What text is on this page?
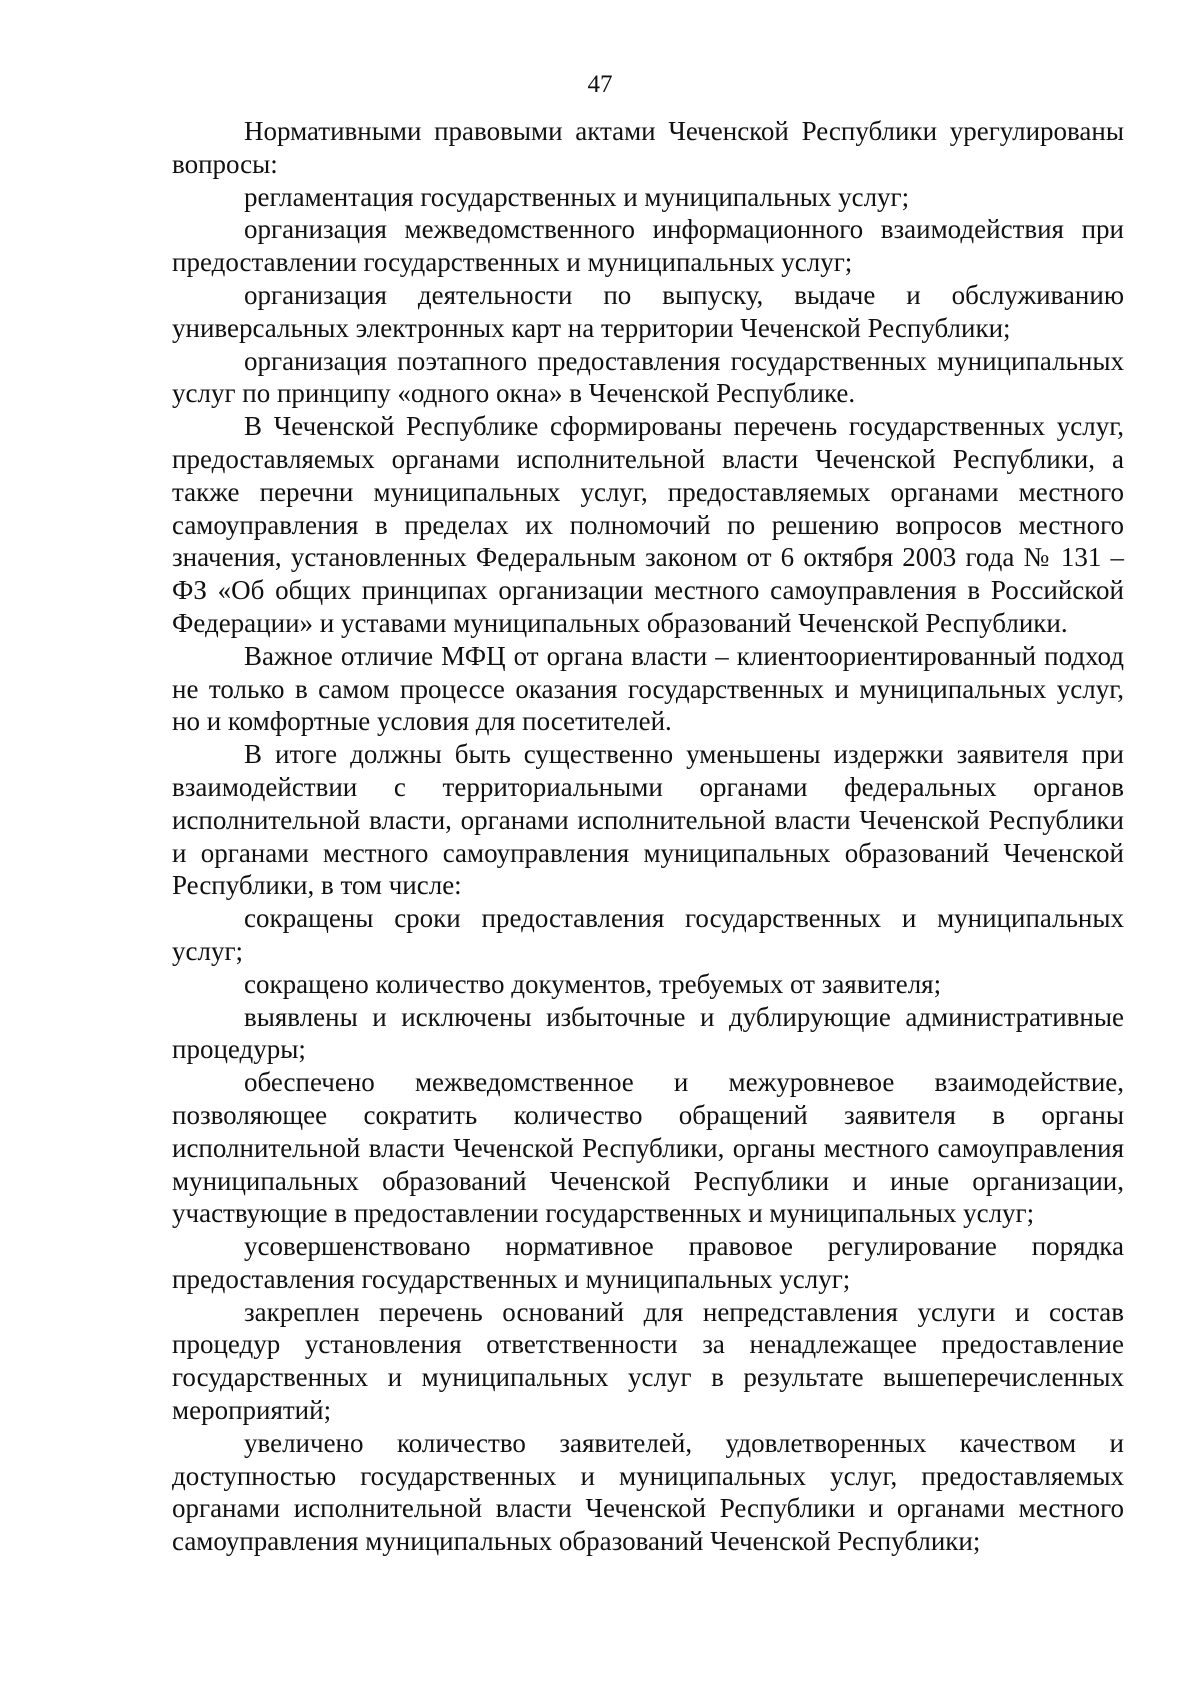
47

Нормативными правовыми актами Чеченской Республики урегулированы вопросы:

регламентация государственных и муниципальных услуг;

организация межведомственного информационного взаимодействия при предоставлении государственных и муниципальных услуг;

организация деятельности по выпуску, выдаче и обслуживанию универсальных электронных карт на территории Чеченской Республики;

организация поэтапного предоставления государственных муниципальных услуг по принципу «одного окна» в Чеченской Республике.

В Чеченской Республике сформированы перечень государственных услуг, предоставляемых органами исполнительной власти Чеченской Республики, а также перечни муниципальных услуг, предоставляемых органами местного самоуправления в пределах их полномочий по решению вопросов местного значения, установленных Федеральным законом от 6 октября 2003 года № 131 – ФЗ «Об общих принципах организации местного самоуправления в Российской Федерации» и уставами муниципальных образований Чеченской Республики.

Важное отличие МФЦ от органа власти – клиентоориентированный подход не только в самом процессе оказания государственных и муниципальных услуг, но и комфортные условия для посетителей.

В итоге должны быть существенно уменьшены издержки заявителя при взаимодействии с территориальными органами федеральных органов исполнительной власти, органами исполнительной власти Чеченской Республики и органами местного самоуправления муниципальных образований Чеченской Республики, в том числе:

сокращены сроки предоставления государственных и муниципальных услуг;

сокращено количество документов, требуемых от заявителя;

выявлены и исключены избыточные и дублирующие административные процедуры;

обеспечено межведомственное и межуровневое взаимодействие, позволяющее сократить количество обращений заявителя в органы исполнительной власти Чеченской Республики, органы местного самоуправления муниципальных образований Чеченской Республики и иные организации, участвующие в предоставлении государственных и муниципальных услуг;

усовершенствовано нормативное правовое регулирование порядка предоставления государственных и муниципальных услуг;

закреплен перечень оснований для непредставления услуги и состав процедур установления ответственности за ненадлежащее предоставление государственных и муниципальных услуг в результате вышеперечисленных мероприятий;

увеличено количество заявителей, удовлетворенных качеством и доступностью государственных и муниципальных услуг, предоставляемых органами исполнительной власти Чеченской Республики и органами местного самоуправления муниципальных образований Чеченской Республики;
